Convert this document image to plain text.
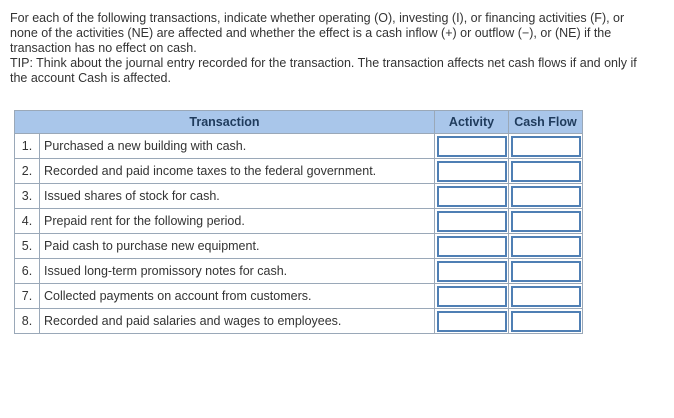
For each of the following transactions, indicate whether operating (O), investing (I), or financing activities (F), or none of the activities (NE) are affected and whether the effect is a cash inflow (+) or outflow (−), or (NE) if the transaction has no effect on cash.

TIP: Think about the journal entry recorded for the transaction. The transaction affects net cash flows if and only if the account Cash is affected.

Transaction		Activity	Cash Flow
1.	Purchased a new building with cash.	

2.	Recorded and paid income taxes to the federal government.	

3.	Issued shares of stock for cash.	

4.	Prepaid rent for the following period.	

5.	Paid cash to purchase new equipment.	

6.	Issued long-term promissory notes for cash.	

7.	Collected payments on account from customers.	

8.	Recorded and paid salaries and wages to employees.	
